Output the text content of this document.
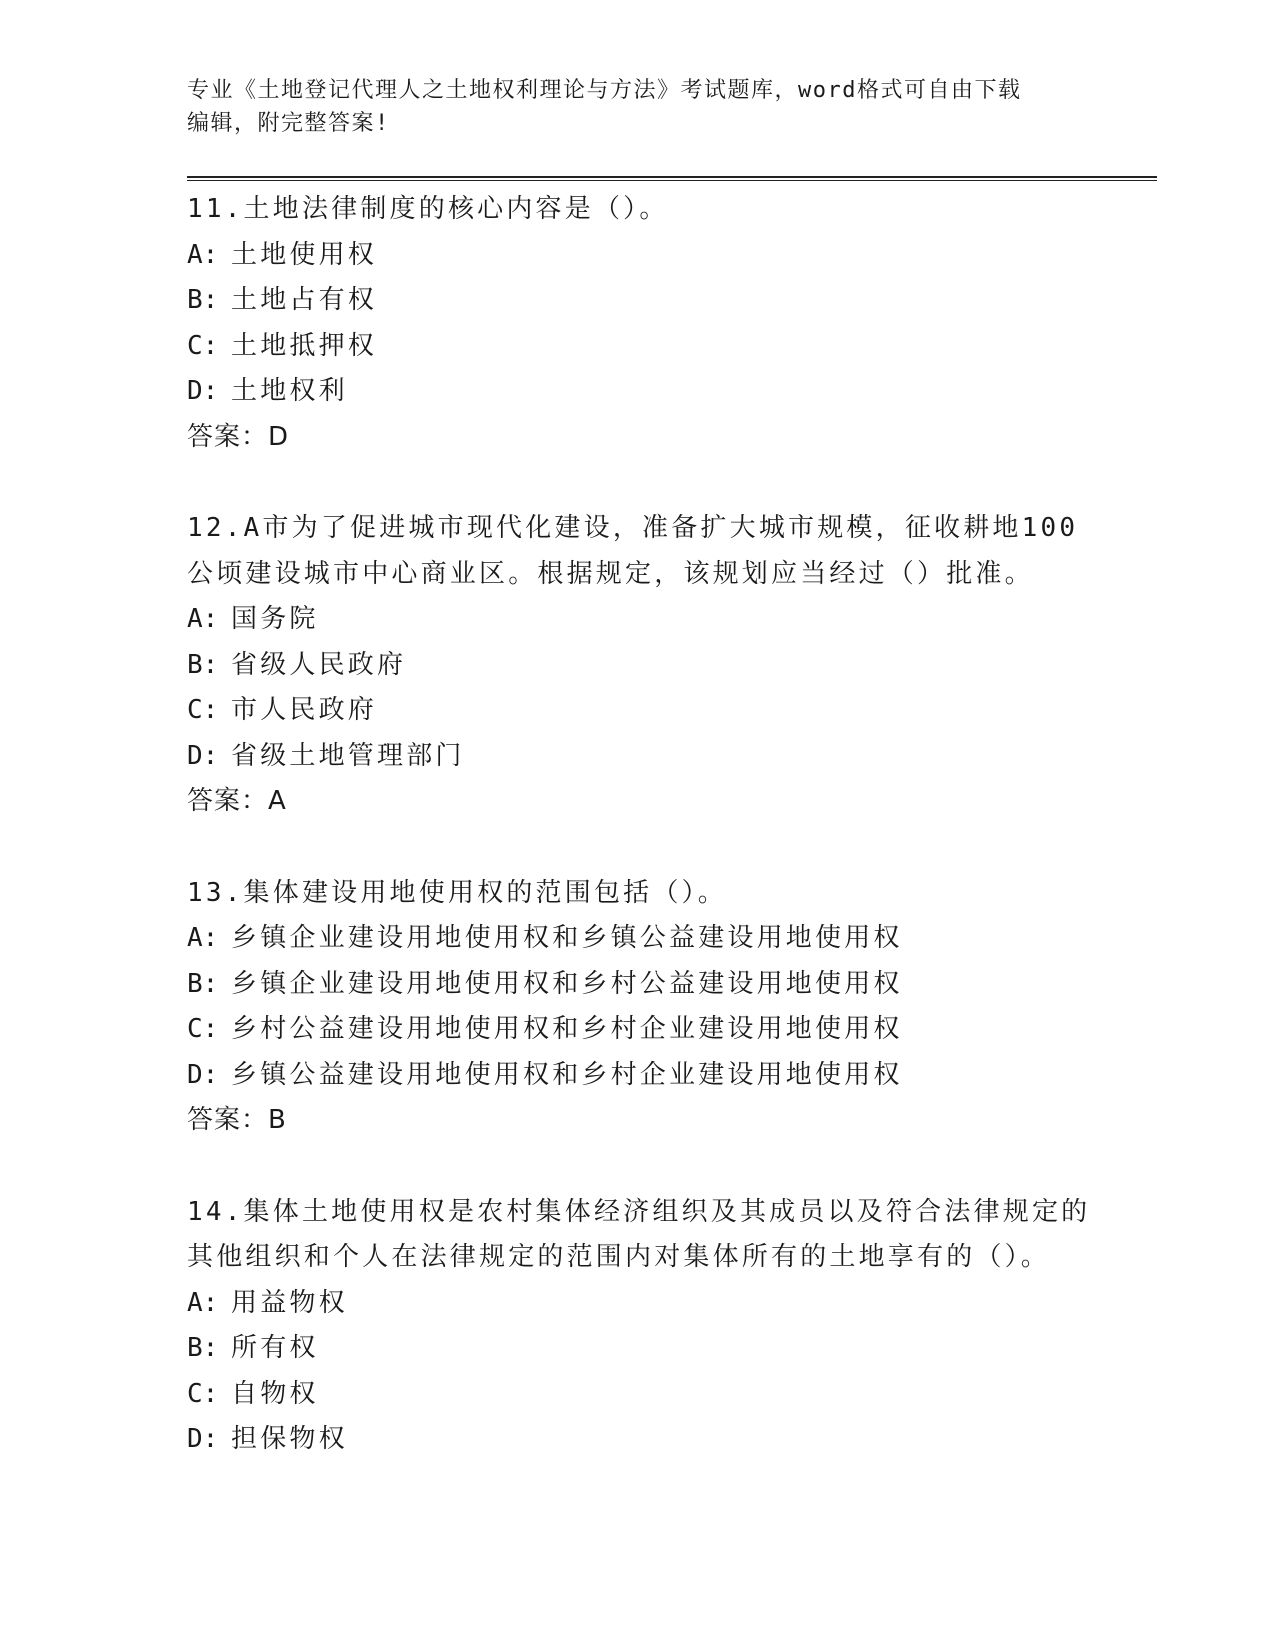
专业《土地登记代理人之土地权利理论与方法》考试题库，word格式可自由下载
编辑，附完整答案!
11.土地法律制度的核心内容是（）。
A: 土地使用权
B: 土地占有权
C: 土地抵押权
D: 土地权利
答案：D
12.A市为了促进城市现代化建设，准备扩大城市规模，征收耕地100
公顷建设城市中心商业区。根据规定，该规划应当经过（）批准。
A: 国务院
B: 省级人民政府
C: 市人民政府
D: 省级土地管理部门
答案：A
13.集体建设用地使用权的范围包括（）。
A: 乡镇企业建设用地使用权和乡镇公益建设用地使用权
B: 乡镇企业建设用地使用权和乡村公益建设用地使用权
C: 乡村公益建设用地使用权和乡村企业建设用地使用权
D: 乡镇公益建设用地使用权和乡村企业建设用地使用权
答案：B
14.集体土地使用权是农村集体经济组织及其成员以及符合法律规定的
其他组织和个人在法律规定的范围内对集体所有的土地享有的（）。
A: 用益物权
B: 所有权
C: 自物权
D: 担保物权
